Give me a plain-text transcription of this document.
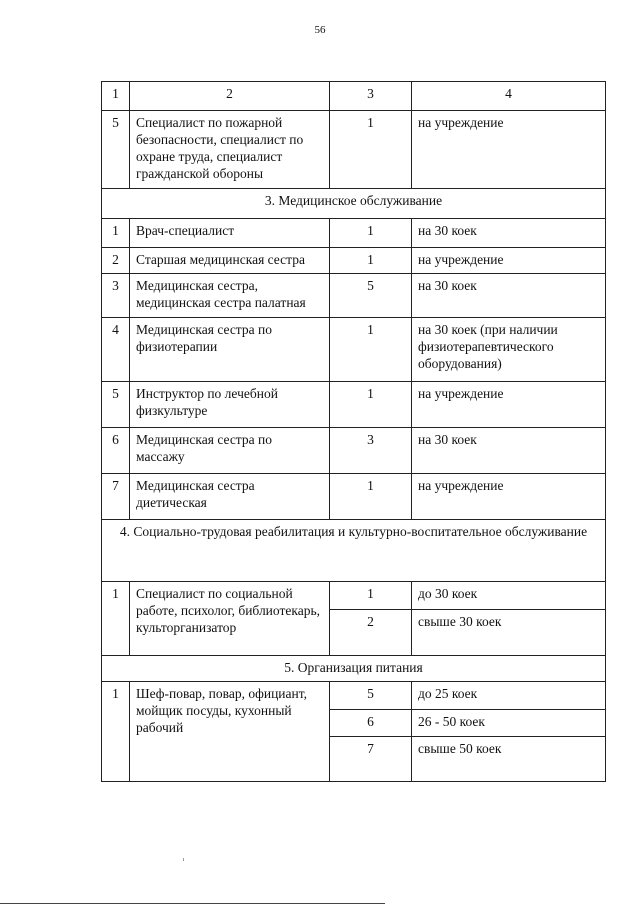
56
1	2	3	4
5	Специалист по пожарной безопасности, специалист по охране труда, специалист гражданской обороны	1	на учреждение
3. Медицинское обслуживание			
1	Врач-специалист	1	на 30 коек
2	Старшая медицинская сестра	1	на учреждение
3	Медицинская сестра, медицинская сестра палатная	5	на 30 коек
4	Медицинская сестра по физиотерапии	1	на 30 коек (при наличии физиотерапевтического оборудования)
5	Инструктор по лечебной физкультуре	1	на учреждение
6	Медицинская сестра по массажу	3	на 30 коек
7	Медицинская сестра диетическая	1	на учреждение
4. Социально-трудовая реабилитация и культурно-воспитательное обслуживание			
1	Специалист по социальной работе, психолог, библиотекарь, культорганизатор	1	до 30 коек
		2	свыше 30 коек
5. Организация питания			
1	Шеф-повар, повар, официант, мойщик посуды, кухонный рабочий	5	до 25 коек
		6	26 - 50 коек
		7	свыше 50 коек
